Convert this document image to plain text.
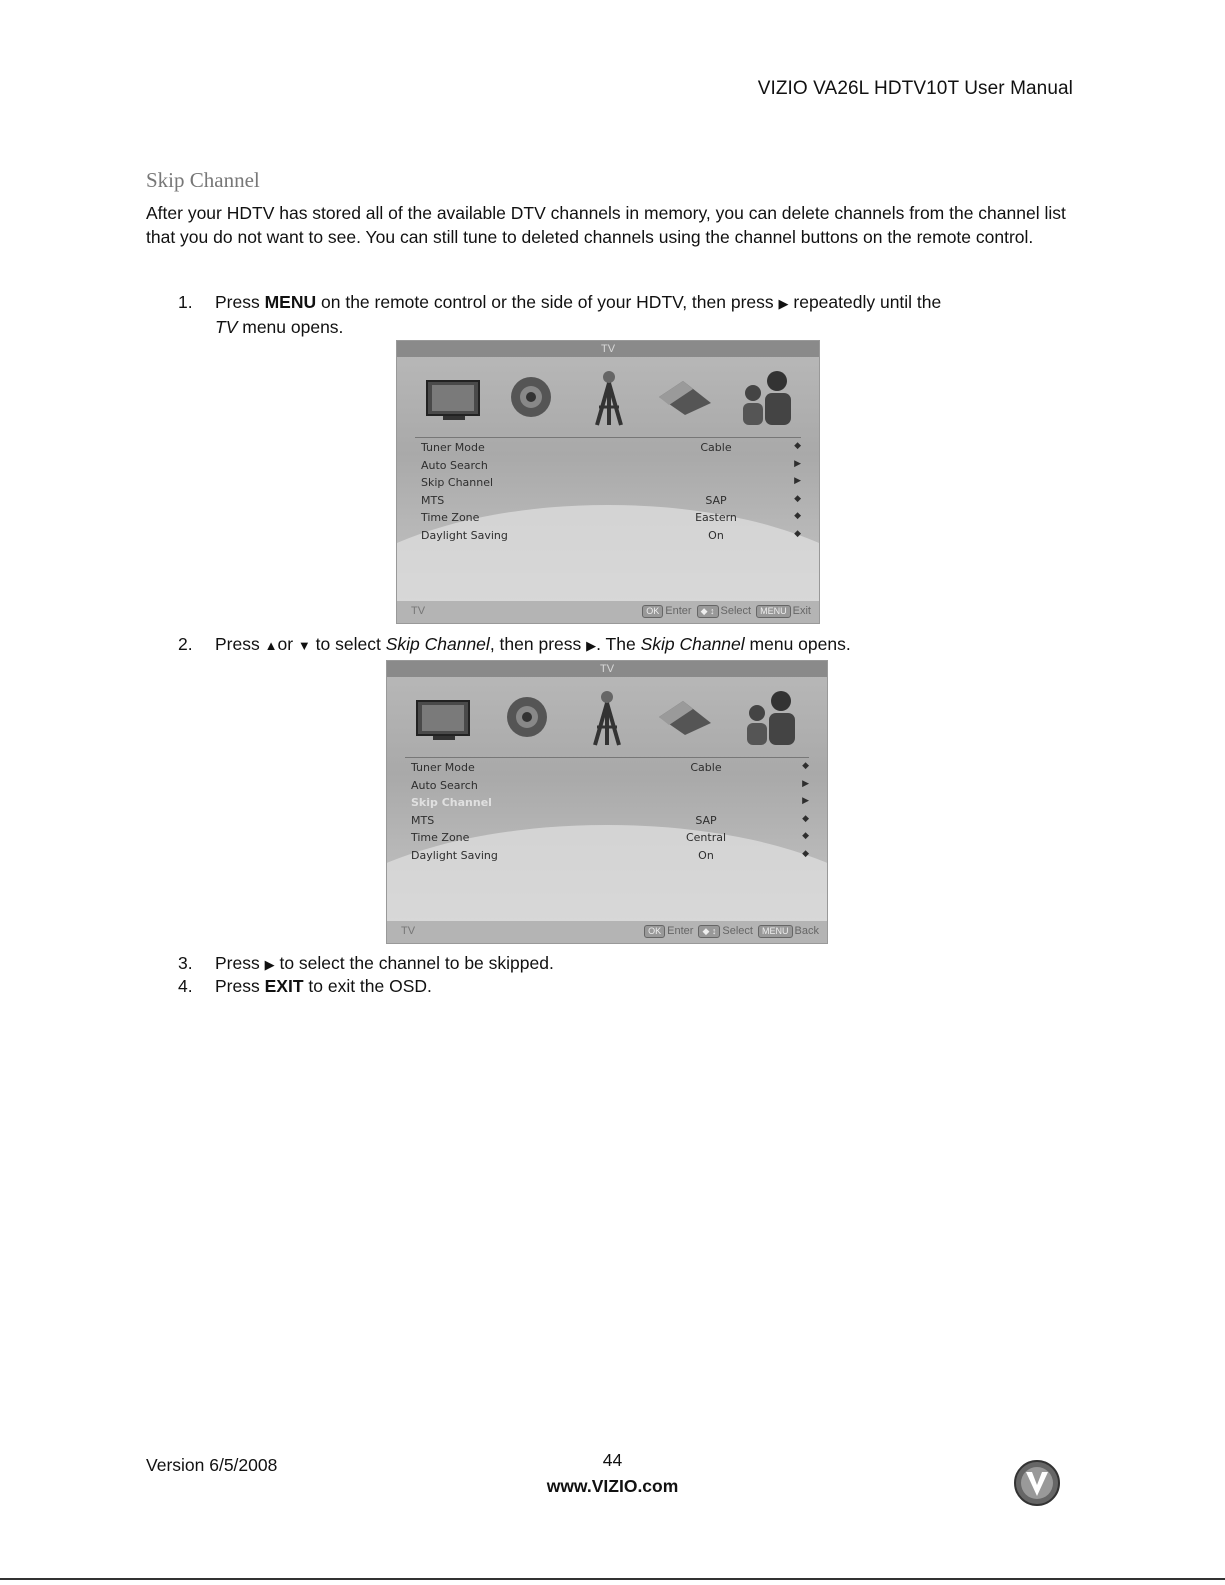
VIZIO VA26L HDTV10T User Manual
Skip Channel
After your HDTV has stored all of the available DTV channels in memory, you can delete channels from the channel list that you do not want to see. You can still tune to deleted channels using the channel buttons on the remote control.
1. Press MENU on the remote control or the side of your HDTV, then press ▶ repeatedly until the
TV menu opens.
TV
Tuner Mode	Cable	◆
Auto Search	▶
Skip Channel	▶
MTS	SAP	◆
Time Zone	Eastern	◆
Daylight Saving	On	◆
TV	OK Enter ◆ ↕ Select MENU Exit
2. Press ▲or ▼ to select Skip Channel, then press ▶. The Skip Channel menu opens.
TV
Tuner Mode	Cable	◆
Auto Search	▶
Skip Channel	▶
MTS	SAP	◆
Time Zone	Central	◆
Daylight Saving	On	◆
TV	OK Enter ◆ ↕ Select MENU Back
3. Press ▶ to select the channel to be skipped.
4. Press EXIT to exit the OSD.
Version 6/5/2008	44
www.VIZIO.com
